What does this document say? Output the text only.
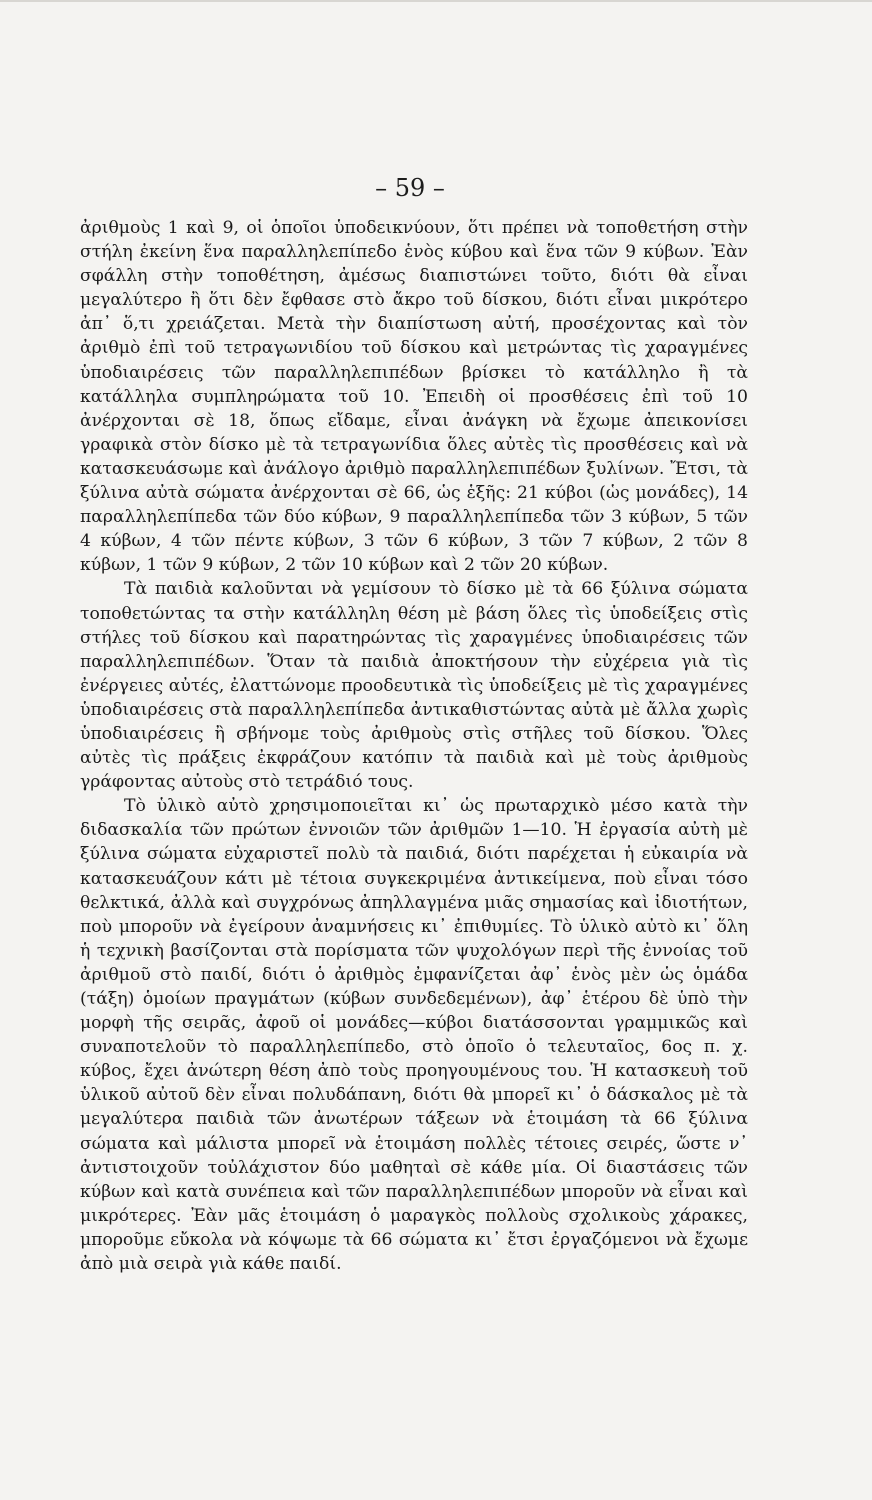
– 59 –

ἀριθμοὺς 1 καὶ 9, οἱ ὁποῖοι ὑποδεικνύουν, ὅτι πρέπει νὰ τοποθετήση στὴν στήλη ἐκείνη ἕνα παραλληλεπίπεδο ἑνὸς κύβου καὶ ἕνα τῶν 9 κύβων. Ἐὰν σφάλλη στὴν τοποθέτηση, ἀμέσως διαπιστώνει τοῦτο, διότι θὰ εἶναι μεγαλύτερο ἢ ὅτι δὲν ἔφθασε στὸ ἄκρο τοῦ δίσκου, διότι εἶναι μικρότερο ἀπ᾽ ὅ,τι χρειάζεται. Μετὰ τὴν διαπίστωση αὐτή, προσέχοντας καὶ τὸν ἀριθμὸ ἐπὶ τοῦ τετραγωνιδίου τοῦ δίσκου καὶ μετρώντας τὶς χαραγμένες ὑποδιαιρέσεις τῶν παραλληλεπιπέδων βρίσκει τὸ κατάλληλο ἢ τὰ κατάλληλα συμπληρώματα τοῦ 10. Ἐπειδὴ οἱ προσθέσεις ἐπὶ τοῦ 10 ἀνέρχονται σὲ 18, ὅπως εἴδαμε, εἶναι ἀνάγκη νὰ ἔχωμε ἀπεικονίσει γραφικὰ στὸν δίσκο μὲ τὰ τετραγωνίδια ὅλες αὐτὲς τὶς προσθέσεις καὶ νὰ κατασκευάσωμε καὶ ἀνάλογο ἀριθμὸ παραλληλεπιπέδων ξυλίνων. Ἔτσι, τὰ ξύλινα αὐτὰ σώματα ἀνέρχονται σὲ 66, ὡς ἑξῆς: 21 κύβοι (ὡς μονάδες), 14 παραλληλεπίπεδα τῶν δύο κύβων, 9 παραλληλεπίπεδα τῶν 3 κύβων, 5 τῶν 4 κύβων, 4 τῶν πέντε κύβων, 3 τῶν 6 κύβων, 3 τῶν 7 κύβων, 2 τῶν 8 κύβων, 1 τῶν 9 κύβων, 2 τῶν 10 κύβων καὶ 2 τῶν 20 κύβων.

Τὰ παιδιὰ καλοῦνται νὰ γεμίσουν τὸ δίσκο μὲ τὰ 66 ξύλινα σώματα τοποθετώντας τα στὴν κατάλληλη θέση μὲ βάση ὅλες τὶς ὑποδείξεις στὶς στήλες τοῦ δίσκου καὶ παρατηρώντας τὶς χαραγμένες ὑποδιαιρέσεις τῶν παραλληλεπιπέδων. Ὅταν τὰ παιδιὰ ἀποκτήσουν τὴν εὐχέρεια γιὰ τὶς ἐνέργειες αὐτές, ἐλαττώνομε προοδευτικὰ τὶς ὑποδείξεις μὲ τὶς χαραγμένες ὑποδιαιρέσεις στὰ παραλληλεπίπεδα ἀντικαθιστώντας αὐτὰ μὲ ἄλλα χωρὶς ὑποδιαιρέσεις ἢ σβήνομε τοὺς ἀριθμοὺς στὶς στῆλες τοῦ δίσκου. Ὅλες αὐτὲς τὶς πράξεις ἐκφράζουν κατόπιν τὰ παιδιὰ καὶ μὲ τοὺς ἀριθμοὺς γράφοντας αὐτοὺς στὸ τετράδιό τους.

Τὸ ὑλικὸ αὐτὸ χρησιμοποιεῖται κι᾽ ὡς πρωταρχικὸ μέσο κατὰ τὴν διδασκαλία τῶν πρώτων ἐννοιῶν τῶν ἀριθμῶν 1—10. Ἡ ἐργασία αὐτὴ μὲ ξύλινα σώματα εὐχαριστεῖ πολὺ τὰ παιδιά, διότι παρέχεται ἡ εὐκαιρία νὰ κατασκευάζουν κάτι μὲ τέτοια συγκεκριμένα ἀντικείμενα, ποὺ εἶναι τόσο θελκτικά, ἀλλὰ καὶ συγχρόνως ἀπηλλαγμένα μιᾶς σημασίας καὶ ἰδιοτήτων, ποὺ μποροῦν νὰ ἐγείρουν ἀναμνήσεις κι᾽ ἐπιθυμίες. Τὸ ὑλικὸ αὐτὸ κι᾽ ὅλη ἡ τεχνικὴ βασίζονται στὰ πορίσματα τῶν ψυχολόγων περὶ τῆς ἐννοίας τοῦ ἀριθμοῦ στὸ παιδί, διότι ὁ ἀριθμὸς ἐμφανίζεται ἀφ᾽ ἑνὸς μὲν ὡς ὁμάδα (τάξη) ὁμοίων πραγμάτων (κύβων συνδεδεμένων), ἀφ᾽ ἑτέρου δὲ ὑπὸ τὴν μορφὴ τῆς σειρᾶς, ἀφοῦ οἱ μονάδες—κύβοι διατάσσονται γραμμικῶς καὶ συναποτελοῦν τὸ παραλληλεπίπεδο, στὸ ὁποῖο ὁ τελευταῖος, 6ος π. χ. κύβος, ἔχει ἀνώτερη θέση ἀπὸ τοὺς προηγουμένους του. Ἡ κατασκευὴ τοῦ ὑλικοῦ αὐτοῦ δὲν εἶναι πολυδάπανη, διότι θὰ μπορεῖ κι᾽ ὁ δάσκαλος μὲ τὰ μεγαλύτερα παιδιὰ τῶν ἀνωτέρων τάξεων νὰ ἑτοιμάση τὰ 66 ξύλινα σώματα καὶ μάλιστα μπορεῖ νὰ ἑτοιμάση πολλὲς τέτοιες σειρές, ὥστε ν᾽ ἀντιστοιχοῦν τοὐλάχιστον δύο μαθηταὶ σὲ κάθε μία. Οἱ διαστάσεις τῶν κύβων καὶ κατὰ συνέπεια καὶ τῶν παραλληλεπιπέδων μποροῦν νὰ εἶναι καὶ μικρότερες. Ἐὰν μᾶς ἑτοιμάση ὁ μαραγκὸς πολλοὺς σχολικοὺς χάρακες, μποροῦμε εὔκολα νὰ κόψωμε τὰ 66 σώματα κι᾽ ἔτσι ἐργαζόμενοι νὰ ἔχωμε ἀπὸ μιὰ σειρὰ γιὰ κάθε παιδί.
